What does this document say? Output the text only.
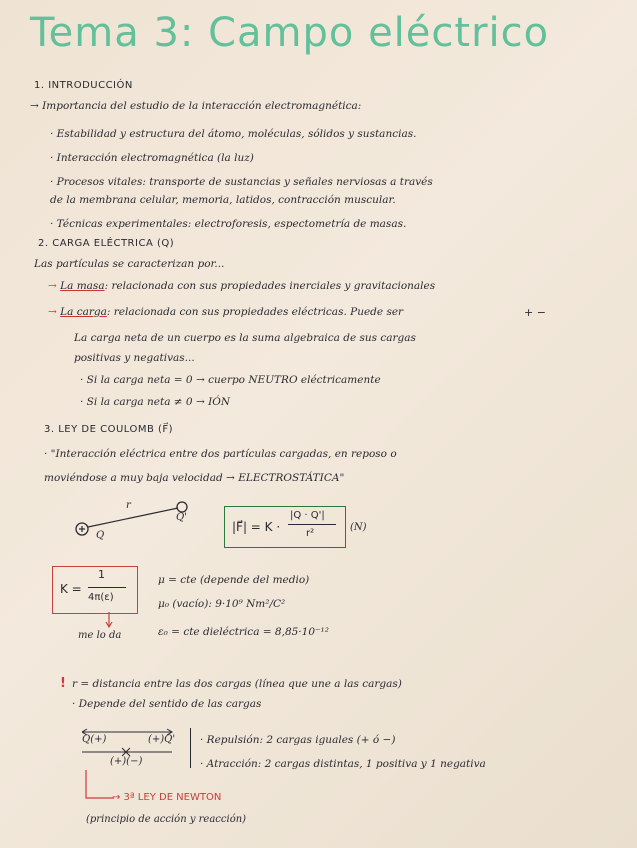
Tema 3: Campo eléctrico
1. INTRODUCCIÓN
→ Importancia del estudio de la interacción electromagnética:
· Estabilidad y estructura del átomo, moléculas, sólidos y sustancias.
· Interacción electromagnética (la luz)
· Procesos vitales: transporte de sustancias y señales nerviosas a través
de la membrana celular, memoria, latidos, contracción muscular.
· Técnicas experimentales: electroforesis, espectometría de masas.
2. CARGA ELÉCTRICA (Q)
Las partículas se caracterizan por...
→ La masa: relacionada con sus propiedades inerciales y gravitacionales
→ La carga: relacionada con sus propiedades eléctricas. Puede ser	+ −
La carga neta de un cuerpo es la suma algebraica de sus cargas
positivas y negativas...
· Si la carga neta = 0 → cuerpo NEUTRO eléctricamente
· Si la carga neta ≠ 0 → IÓN
3. LEY DE COULOMB (F⃗)
· "Interacción eléctrica entre dos partículas cargadas, en reposo o
moviéndose a muy baja velocidad → ELECTROSTÁTICA"
Q
Q'
r
|F⃗| = K ·
|Q · Q'|
r²
(N)
K =
1
4π(ε)
me lo da
μ = cte (depende del medio)
μ₀ (vacío): 9·10⁹ Nm²/C²
ε₀ = cte dieléctrica = 8,85·10⁻¹²
! r = distancia entre las dos cargas (línea que une a las cargas)
· Depende del sentido de las cargas
Q(+)	(+)Q'
(+)(−)
· Repulsión: 2 cargas iguales (+ ó −)
· Atracción: 2 cargas distintas, 1 positiva y 1 negativa
→ 3ª LEY DE NEWTON
(principio de acción y reacción)
